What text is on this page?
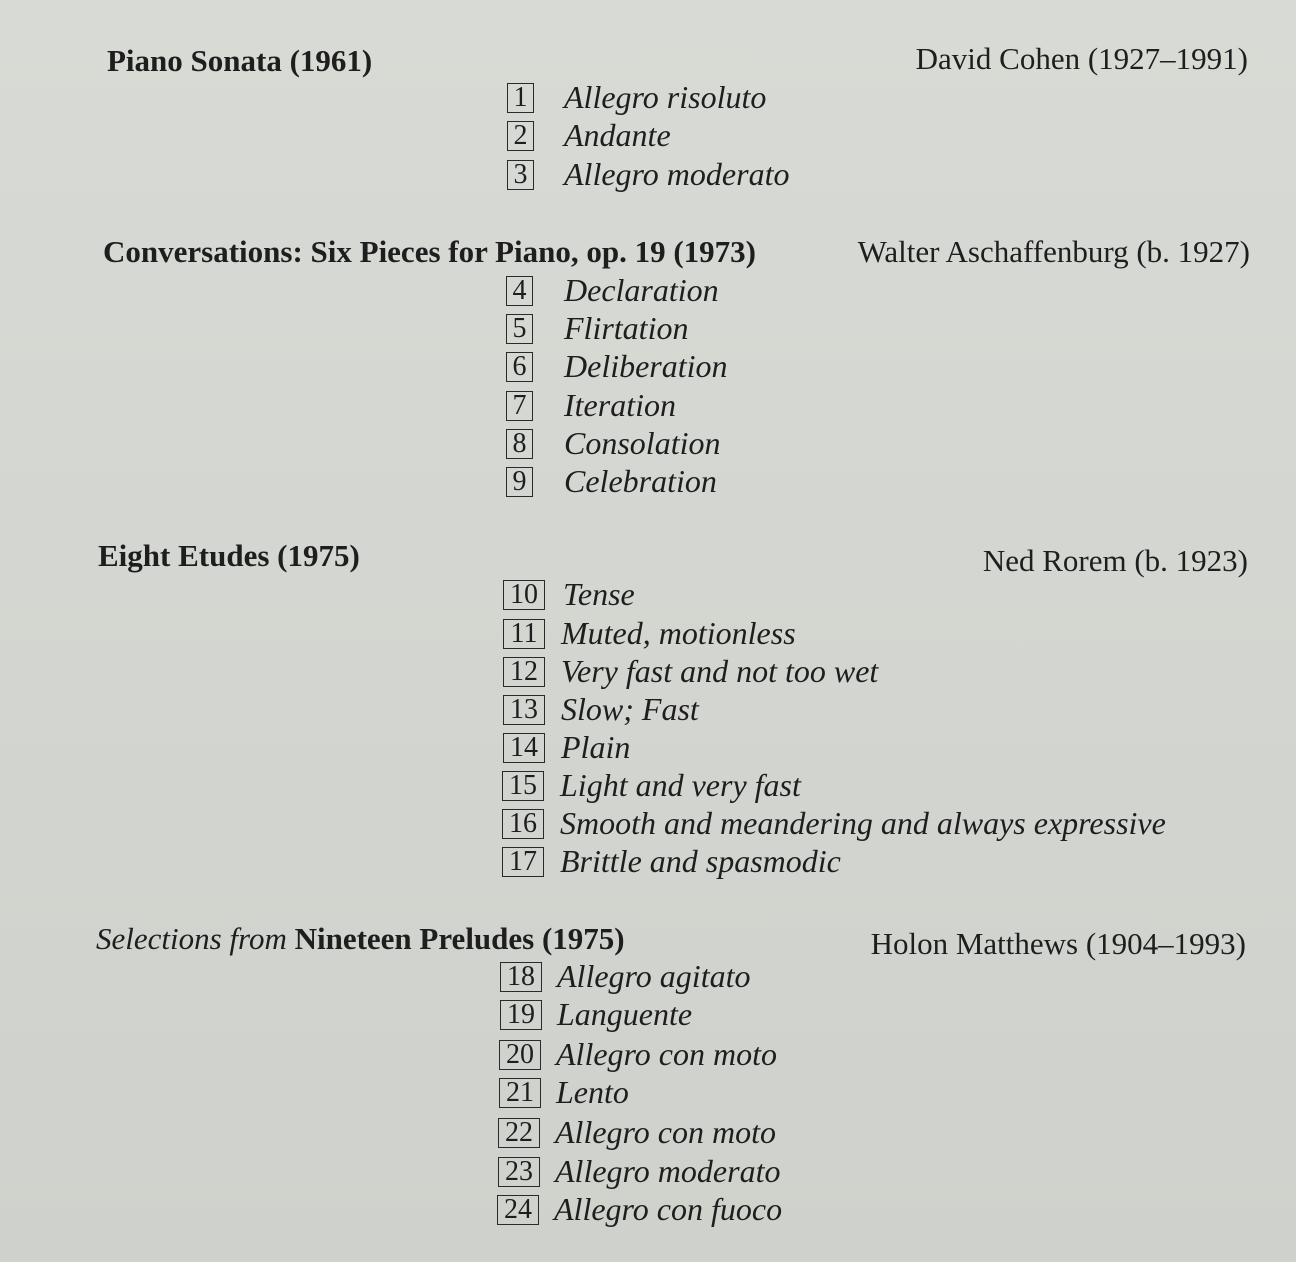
Piano Sonata (1961)	David Cohen (1927–1991)
1 Allegro risoluto
2 Andante
3 Allegro moderato
Conversations: Six Pieces for Piano, op. 19 (1973)	Walter Aschaffenburg (b. 1927)
4 Declaration
5 Flirtation
6 Deliberation
7 Iteration
8 Consolation
9 Celebration
Eight Etudes (1975)	Ned Rorem (b. 1923)
10 Tense
11 Muted, motionless
12 Very fast and not too wet
13 Slow; Fast
14 Plain
15 Light and very fast
16 Smooth and meandering and always expressive
17 Brittle and spasmodic
Selections from Nineteen Preludes (1975)	Holon Matthews (1904–1993)
18 Allegro agitato
19 Languente
20 Allegro con moto
21 Lento
22 Allegro con moto
23 Allegro moderato
24 Allegro con fuoco
